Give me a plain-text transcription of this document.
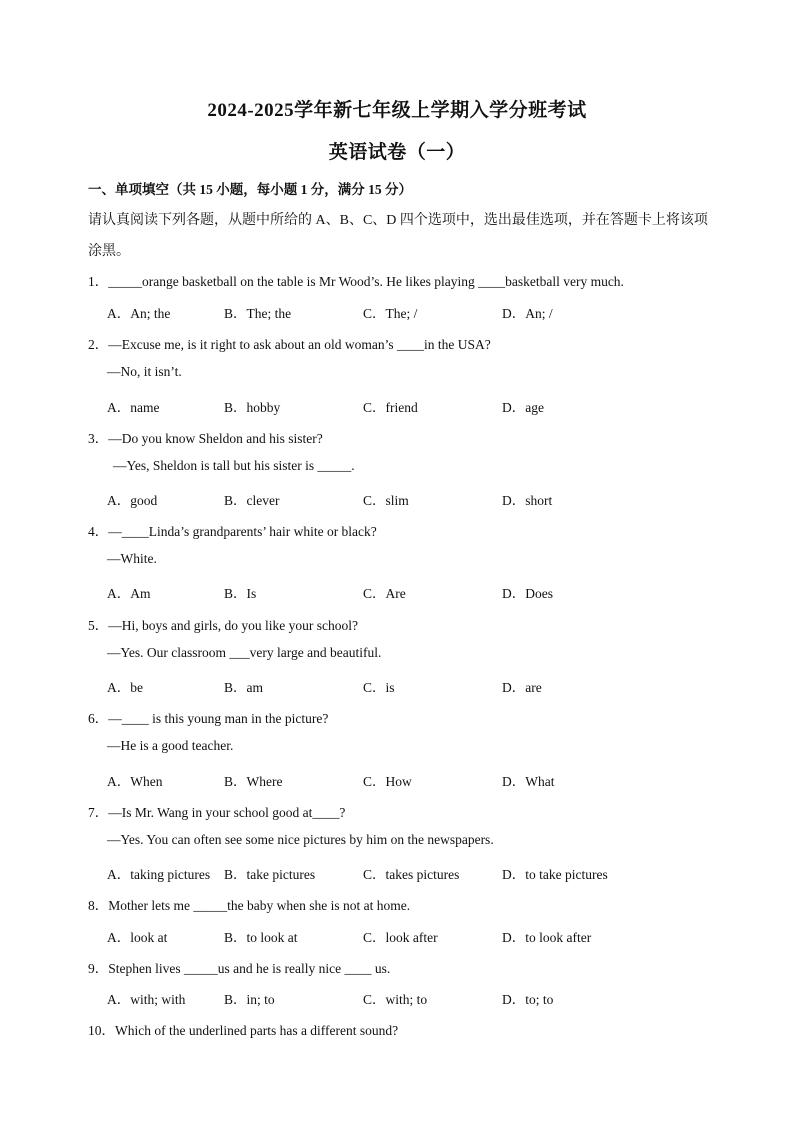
2024-2025学年新七年级上学期入学分班考试
英语试卷（一）
一、单项填空（共 15 小题，每小题 1 分，满分 15 分）
请认真阅读下列各题，从题中所给的 A、B、C、D 四个选项中，选出最佳选项，并在答题卡上将该项涂黑。
1．_____orange basketball on the table is Mr Wood’s. He likes playing ____basketball very much.
A．An; the	B．The; the	C．The; /	D．An; /
2．—Excuse me, is it right to ask about an old woman’s ____in the USA?
—No, it isn’t.
A．name	B．hobby	C．friend	D．age
3．—Do you know Sheldon and his sister?
—Yes, Sheldon is tall but his sister is _____.
A．good	B．clever	C．slim	D．short
4．—____Linda’s grandparents’ hair white or black?
—White.
A．Am	B．Is	C．Are	D．Does
5．—Hi, boys and girls, do you like your school?
—Yes. Our classroom ___very large and beautiful.
A．be	B．am	C．is	D．are
6．—____ is this young man in the picture?
—He is a good teacher.
A．When	B．Where	C．How	D．What
7．—Is Mr. Wang in your school good at____?
—Yes. You can often see some nice pictures by him on the newspapers.
A．taking pictures B．take pictures	C．takes pictures	D．to take pictures
8．Mother lets me _____the baby when she is not at home.
A．look at	B．to look at	C．look after	D．to look after
9．Stephen lives _____us and he is really nice ____ us.
A．with; with	B．in; to	C．with; to	D．to; to
10．Which of the underlined parts has a different sound?
